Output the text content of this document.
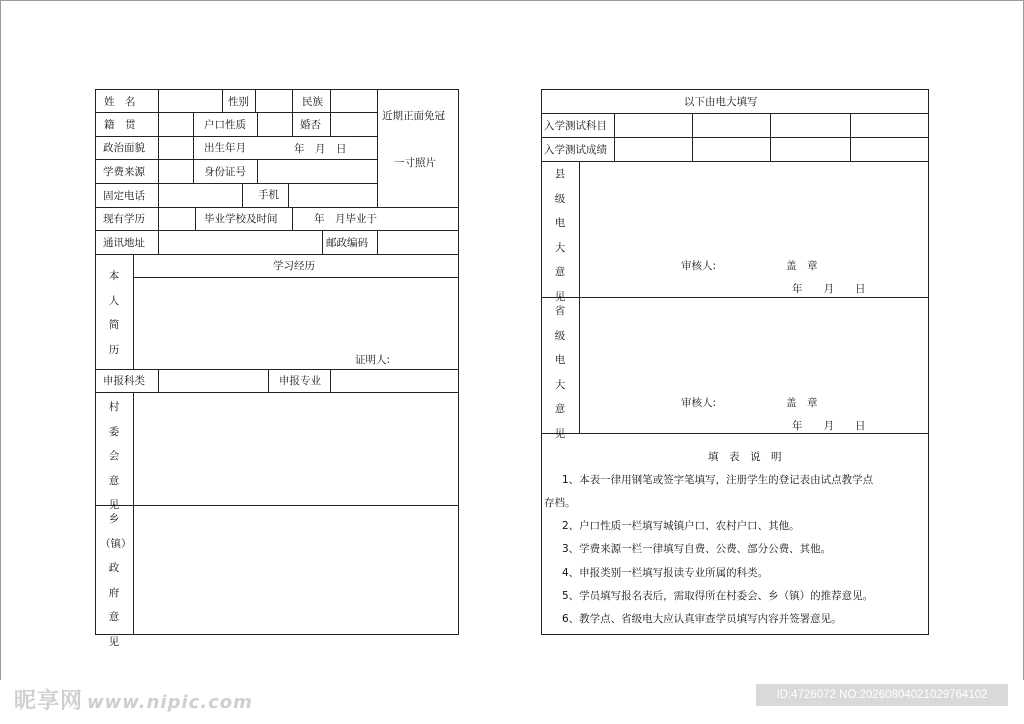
姓　名	性别	民族
籍　贯	户口性质	婚否
政治面貌	出生年月	年　月　日
学费来源	身份证号
固定电话	手机
现有学历	毕业学校及时间	年　月毕业于
通讯地址	邮政编码
近期正面免冠
一寸照片
本
人
简
历
学习经历
证明人:
申报科类	申报专业
村
委
会
意
见
乡
（镇）
政
府
意
见
以下由电大填写
入学测试科目
入学测试成绩
县
级
电
大
意
见
审核人:	盖　章
年　　月　　日
省
级
电
大
意
见
审核人:	盖　章
年　　月　　日
填　表　说　明
1、本表一律用钢笔或签字笔填写，注册学生的登记表由试点教学点
存档。
2、户口性质一栏填写城镇户口、农村户口、其他。
3、学费来源一栏一律填写自费、公费、部分公费、其他。
4、申报类别一栏填写报读专业所属的科类。
5、学员填写报名表后，需取得所在村委会、乡（镇）的推荐意见。
6、教学点、省级电大应认真审查学员填写内容并签署意见。
昵享网 www.nipic.com	ID:4726072 NO:20260804021029764102
